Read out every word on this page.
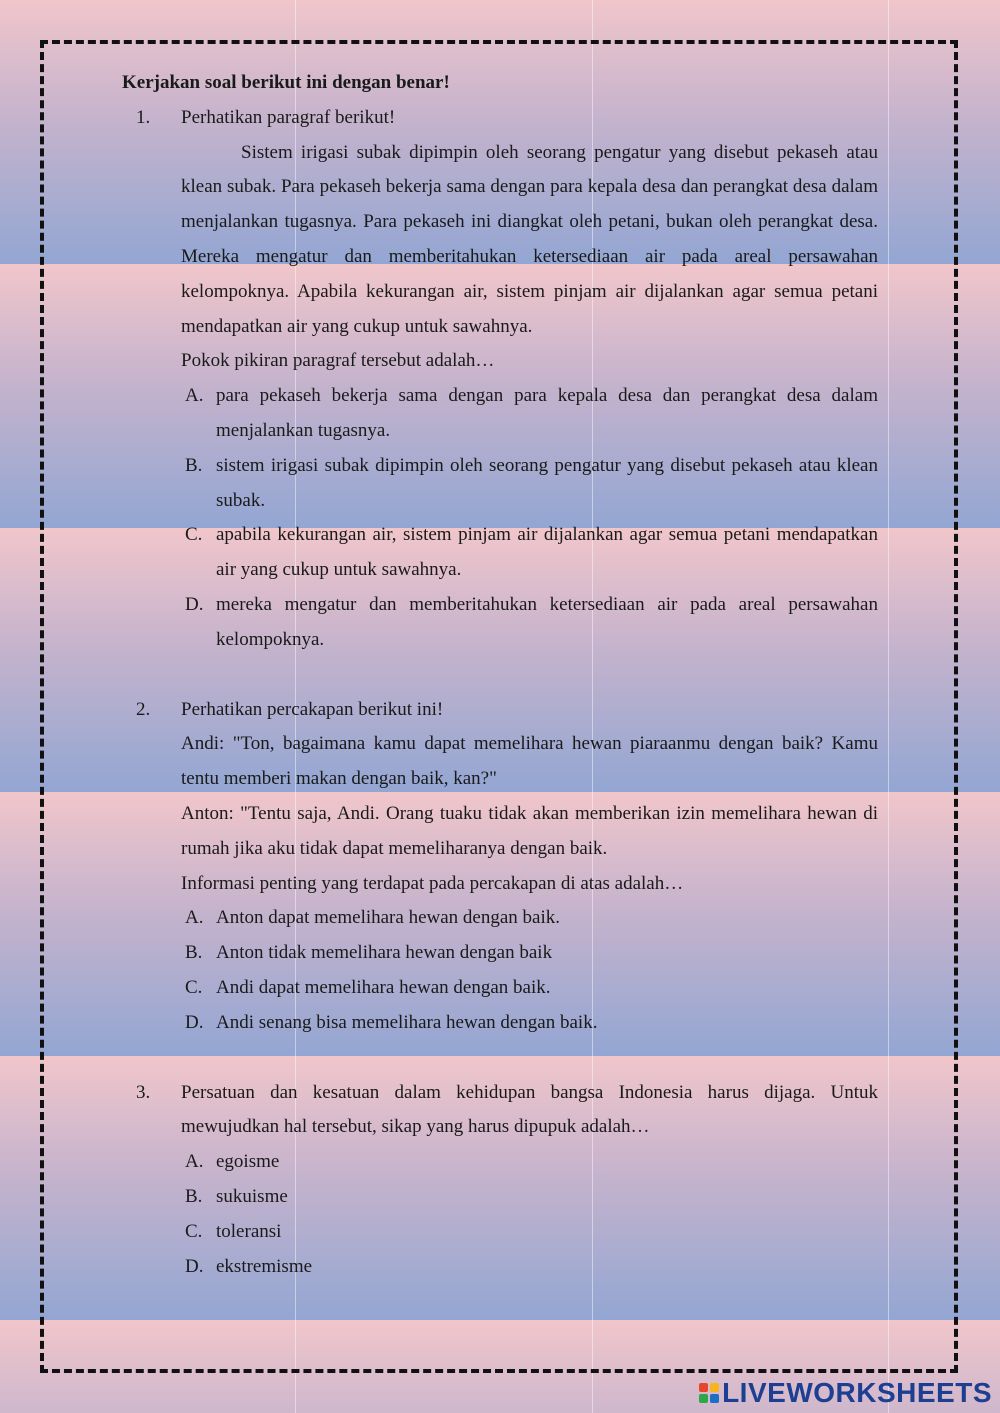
Kerjakan soal berikut ini dengan benar!

1. Perhatikan paragraf berikut!

Sistem irigasi subak dipimpin oleh seorang pengatur yang disebut pekaseh atau klean subak. Para pekaseh bekerja sama dengan para kepala desa dan perangkat desa dalam menjalankan tugasnya. Para pekaseh ini diangkat oleh petani, bukan oleh perangkat desa. Mereka mengatur dan memberitahukan ketersediaan air pada areal persawahan kelompoknya. Apabila kekurangan air, sistem pinjam air dijalankan agar semua petani mendapatkan air yang cukup untuk sawahnya.

Pokok pikiran paragraf tersebut adalah…

A. para pekaseh bekerja sama dengan para kepala desa dan perangkat desa dalam menjalankan tugasnya.
B. sistem irigasi subak dipimpin oleh seorang pengatur yang disebut pekaseh atau klean subak.
C. apabila kekurangan air, sistem pinjam air dijalankan agar semua petani mendapatkan air yang cukup untuk sawahnya.
D. mereka mengatur dan memberitahukan ketersediaan air pada areal persawahan kelompoknya.
2. Perhatikan percakapan berikut ini!

Andi: "Ton, bagaimana kamu dapat memelihara hewan piaraanmu dengan baik? Kamu tentu memberi makan dengan baik, kan?"

Anton: "Tentu saja, Andi. Orang tuaku tidak akan memberikan izin memelihara hewan di rumah jika aku tidak dapat memeliharanya dengan baik.

Informasi penting yang terdapat pada percakapan di atas adalah…

A. Anton dapat memelihara hewan dengan baik.
B. Anton tidak memelihara hewan dengan baik
C. Andi dapat memelihara hewan dengan baik.
D. Andi senang bisa memelihara hewan dengan baik.
3. Persatuan dan kesatuan dalam kehidupan bangsa Indonesia harus dijaga. Untuk mewujudkan hal tersebut, sikap yang harus dipupuk adalah…

A. egoisme
B. sukuisme
C. toleransi
D. ekstremisme
LIVEWORKSHEETS
